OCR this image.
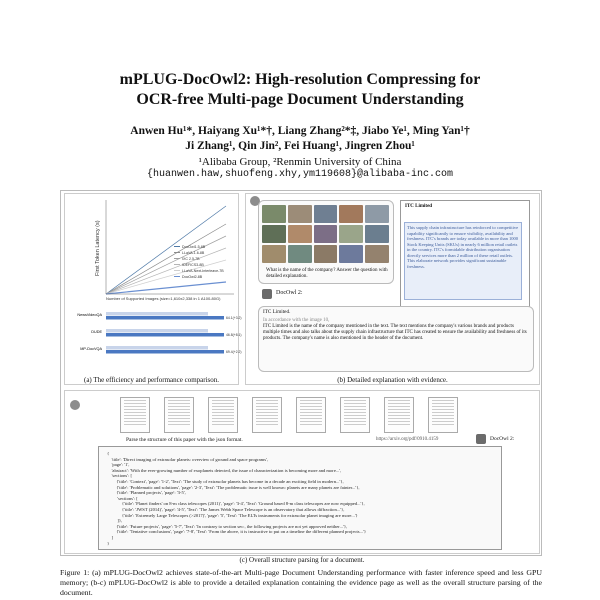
mPLUG-DocOwl2: High-resolution Compressing for
OCR-free Multi-page Document Understanding
Anwen Hu¹*, Haiyang Xu¹*†, Liang Zhang²*‡, Jiabo Ye¹, Ming Yan¹†
Ji Zhang¹, Qin Jin², Fei Huang¹, Jingren Zhou¹
¹Alibaba Group, ²Renmin University of China
{huanwen.haw,shuofeng.xhy,ym119608}@alibaba-inc.com
First Token Latency (s)
Number of Supported Images (size=1,610x2,338 in 1 A100-80G)
DocOwl1.5-8B
LLaVA-1.6-8B
IXC 2.5-7B
IDEFICS3-8B
LLaVA-Next-Interleave-7B
DocOwl2-8B
NewsVideoQA
64.1(+3.2)
DUDE
46.8(+8.1)
MP-DocVQA
69.4(+2.2)
(a) The efficiency and performance comparison.
What is the name of the company? Answer the question with detailed explanation.
ITC Limited
This supply chain infrastructure has reinforced to competitive capability significantly to ensure visibility, availability and freshness. ITC's brands are today available in more than 1000 Stock Keeping Units (SKUs) in nearly 6 million retail outlets in the country. ITC's formidable distribution organisation directly services more than 2 million of these retail outlets. This elaborate network provides significant sustainable freshness.
DocOwl 2:
ITC Limited.
In accordance with the image 10,
ITC Limited is the name of the company mentioned in the text. The text mentions the company's various brands and products multiple times and also talks about the supply chain infrastructure that ITC has created to ensure the availability and freshness of its products. The company's name is also mentioned in the header of the document.
(b) Detailed explanation with evidence.
Parse the structure of this paper with the json format.	https://arxiv.org/pdf/0910.4159	DocOwl 2:
{
'title': 'Direct imaging of extrasolar planets: overview of ground and space programs',
'page': '1',
'abstract': 'With the ever-growing number of exoplanets detected, the issue of characterization is becoming more and more...',
'sections': [
{'title': 'Context', 'page': '1-2', 'Text': 'The study of extrasolar planets has become in a decade an exciting field in modern...'},
{'title': 'Problematic and solutions', 'page': '2-3', 'Text': 'The problematic issue is well known: planets are many planets are fainter...'},
{'title': 'Planned projects', 'page': '3-5',
'sections': [
{'title': 'Planet finders' on 8-m class telescopes (2011)', 'page': '3-4', 'Text': 'Ground based 8-m class telescopes are now equipped...'},
{'title': 'JWST (2014)', 'page': '4-5', 'Text': 'The James Webb Space Telescope is an observatory that allows diffraction...'},
{'title': 'Extremely Large Telescopes (>2017)', 'page': '5', 'Text': 'The ELTs instruments for extrasolar planet imaging are more...'}
]},
{'title': 'Future projects', 'page': '5-7', 'Text': 'In contrary to section sec:, the following projects are not yet approved neither...'},
{'title': 'Tentative conclusions', 'page': '7-8', 'Text': 'From the above, it is instructive to put on a timeline the different planned projects...'}
]
}
(c) Overall structure parsing for a document.
Figure 1: (a) mPLUG-DocOwl2 achieves state-of-the-art Multi-page Document Understanding performance with faster inference speed and less GPU memory; (b-c) mPLUG-DocOwl2 is able to provide a detailed explanation containing the evidence page as well as the overall structure parsing of the document.
